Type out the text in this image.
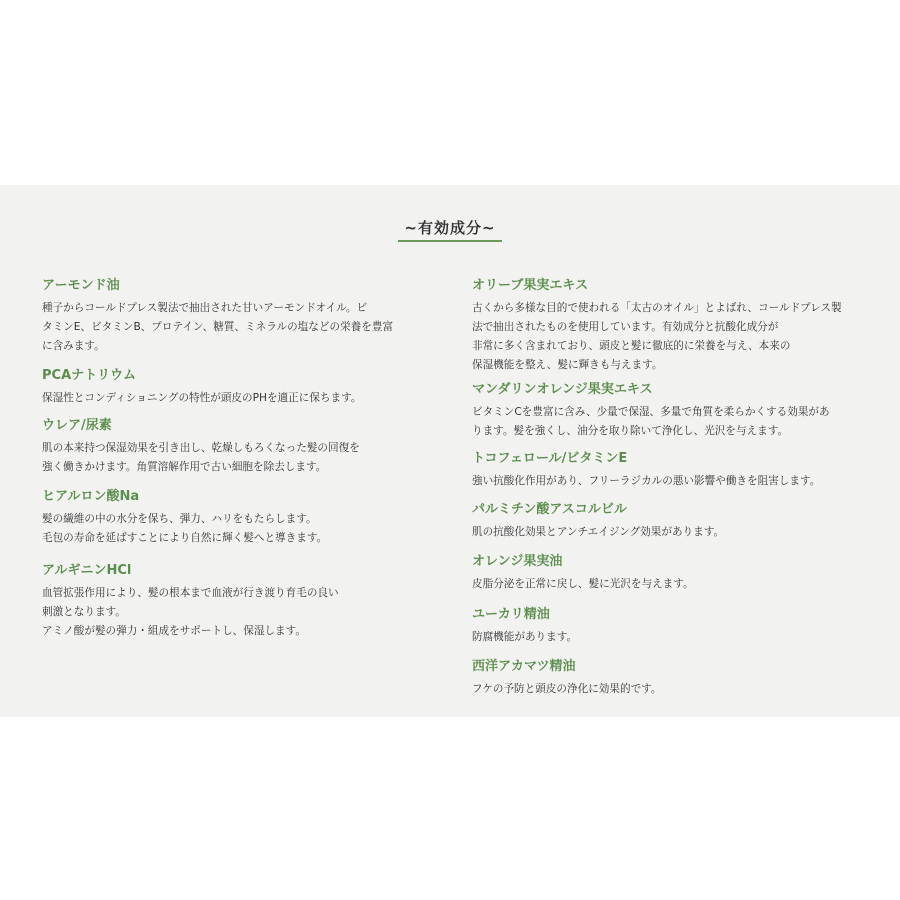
~有効成分~
アーモンド油

種子からコールドプレス製法で抽出された甘いアーモンドオイル。ビ
タミンE、ビタミンB、プロテイン、糖質、ミネラルの塩などの栄養を豊富
に含みます。

PCAナトリウム

保湿性とコンディショニングの特性が頭皮のPHを適正に保ちます。

ウレア/尿素

肌の本来持つ保湿効果を引き出し、乾燥しもろくなった髪の回復を
強く働きかけます。角質溶解作用で古い細胞を除去します。

ヒアルロン酸Na

髪の繊維の中の水分を保ち、弾力、ハリをもたらします。
毛包の寿命を延ばすことにより自然に輝く髪へと導きます。

アルギニンHCl

血管拡張作用により、髪の根本まで血液が行き渡り育毛の良い
刺激となります。
アミノ酸が髪の弾力・組成をサポートし、保湿します。

オリーブ果実エキス

古くから多様な目的で使われる「太古のオイル」とよばれ、コールドプレス製
法で抽出されたものを使用しています。有効成分と抗酸化成分が
非常に多く含まれており、頭皮と髪に徹底的に栄養を与え、本来の
保湿機能を整え、髪に輝きも与えます。

マンダリンオレンジ果実エキス

ビタミンCを豊富に含み、少量で保湿、多量で角質を柔らかくする効果があ
ります。髪を強くし、油分を取り除いて浄化し、光沢を与えます。

トコフェロール/ビタミンE

強い抗酸化作用があり、フリーラジカルの悪い影響や働きを阻害します。

パルミチン酸アスコルビル

肌の抗酸化効果とアンチエイジング効果があります。

オレンジ果実油

皮脂分泌を正常に戻し、髪に光沢を与えます。

ユーカリ精油

防腐機能があります。

西洋アカマツ精油

フケの予防と頭皮の浄化に効果的です。
